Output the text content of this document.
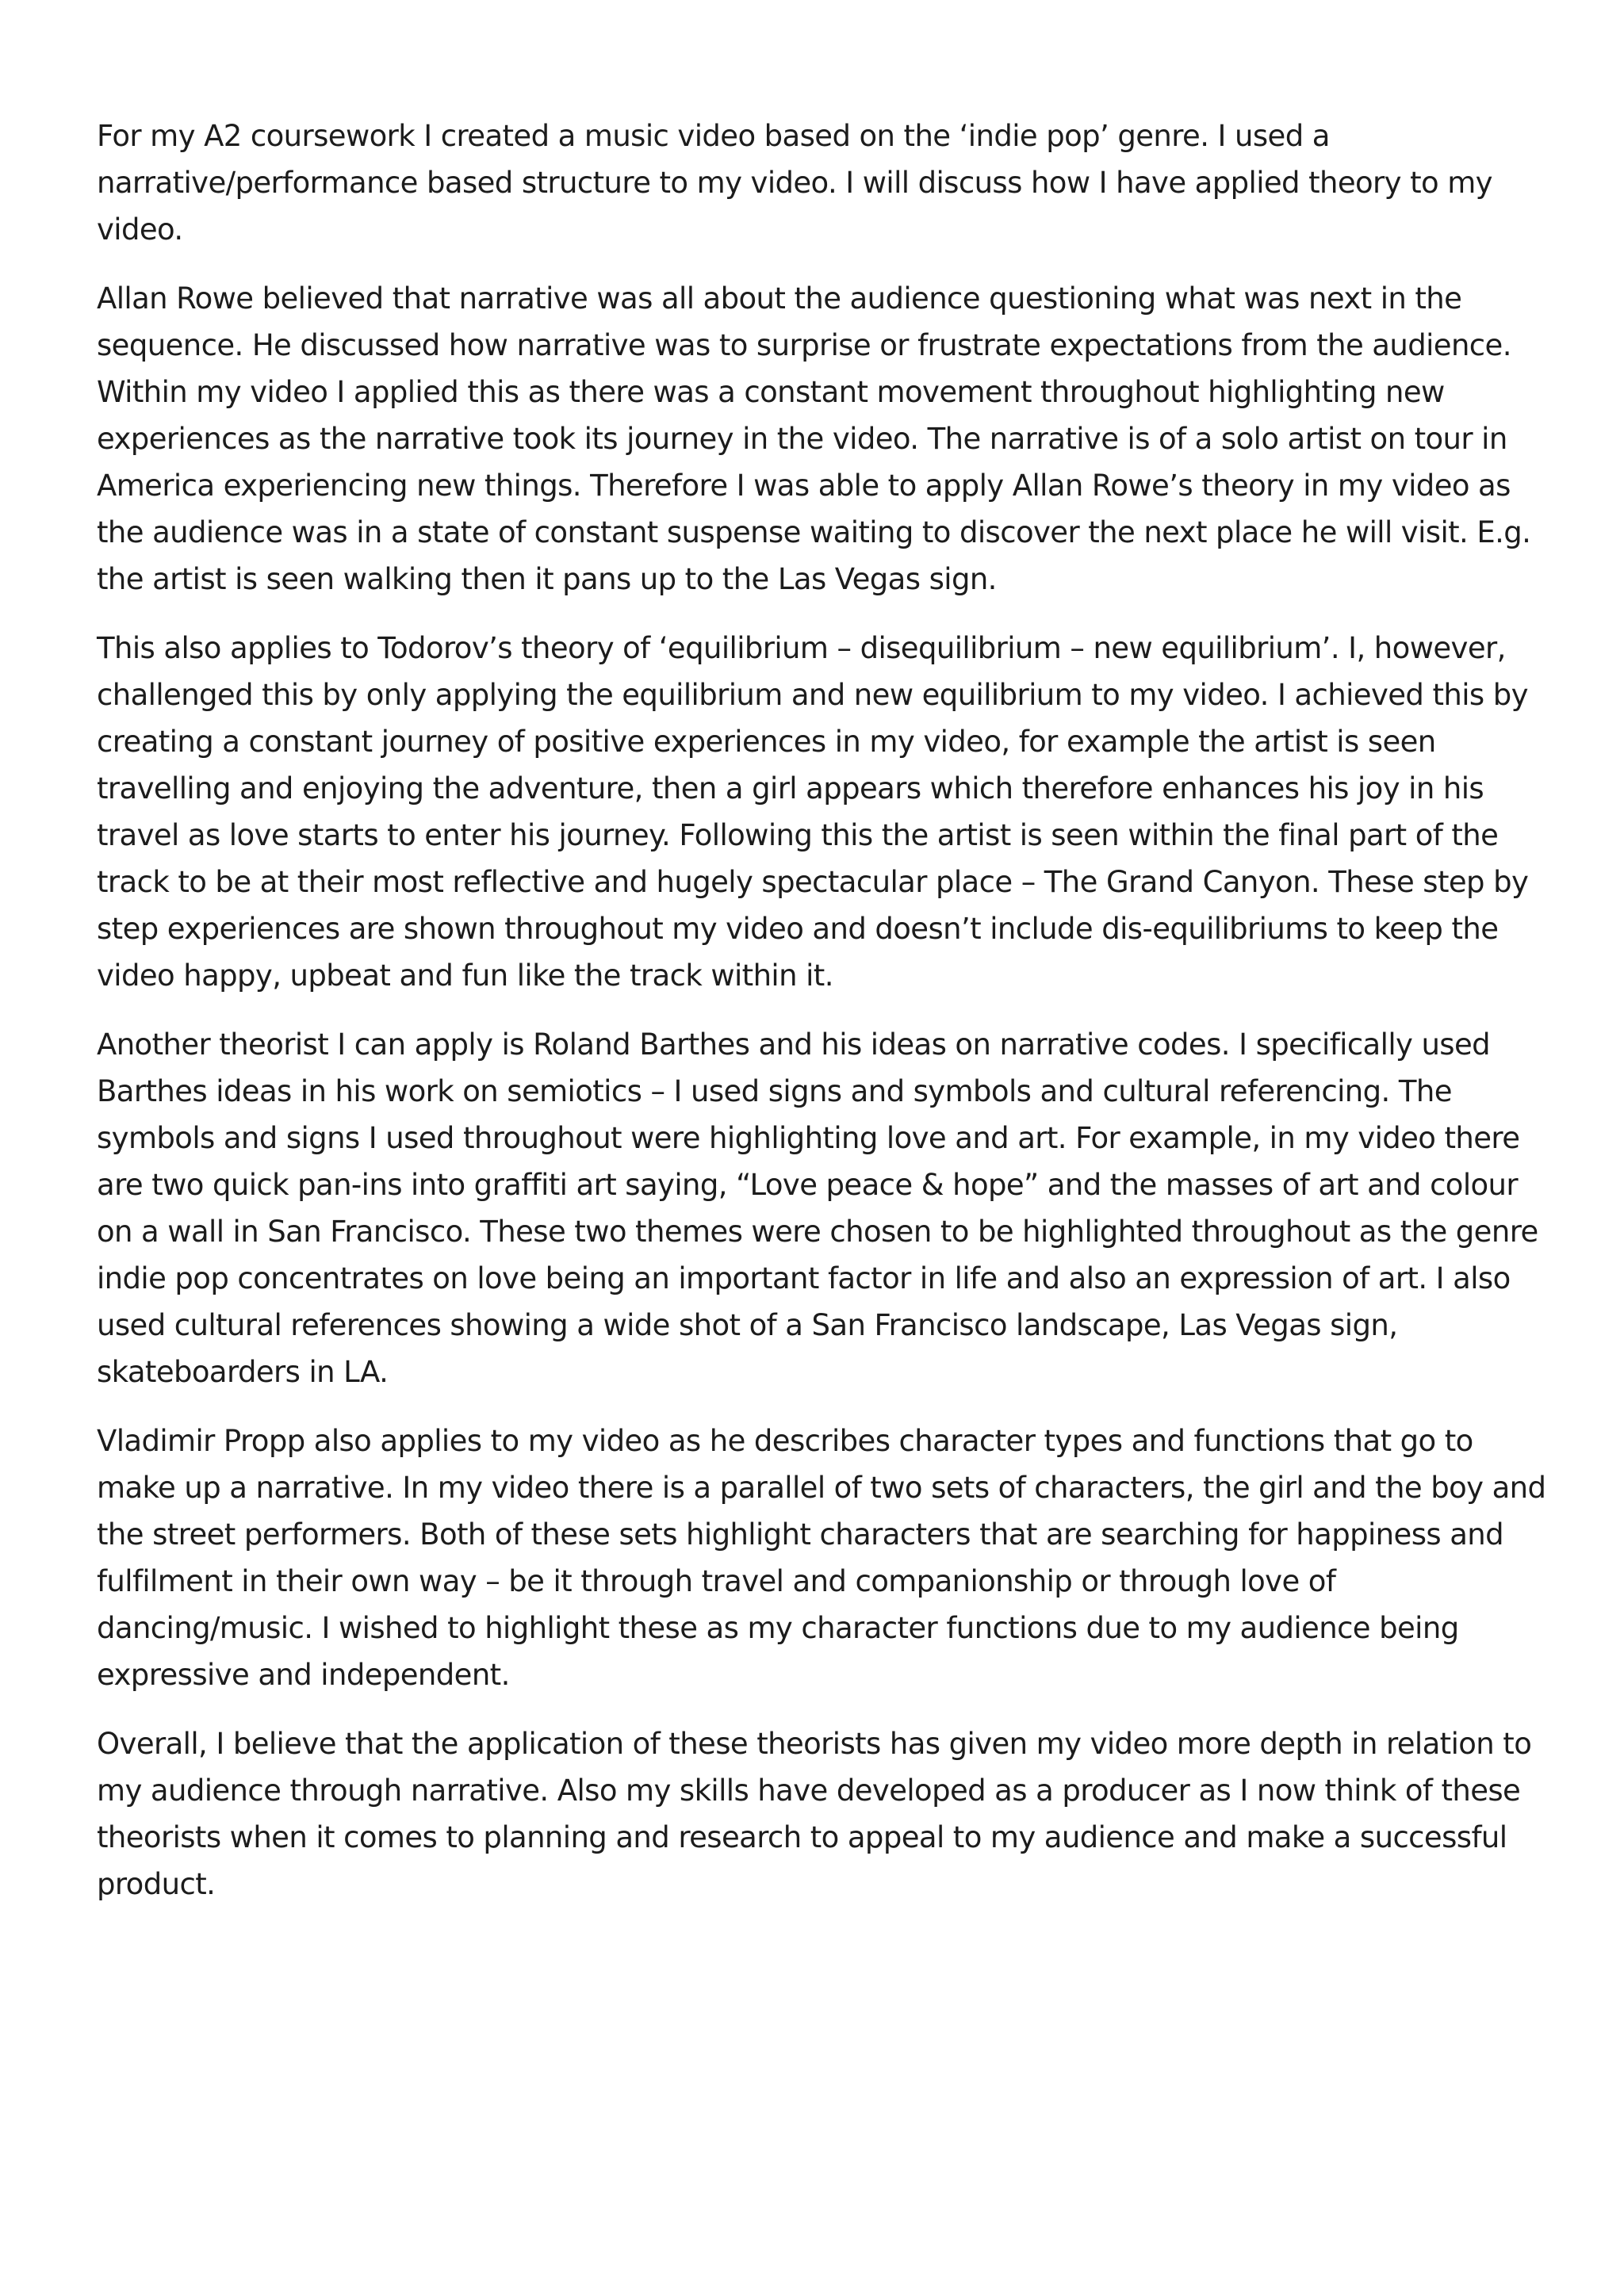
For my A2 coursework I created a music video based on the ‘indie pop’ genre. I used a narrative/performance based structure to my video. I will discuss how I have applied theory to my video.

Allan Rowe believed that narrative was all about the audience questioning what was next in the sequence. He discussed how narrative was to surprise or frustrate expectations from the audience. Within my video I applied this as there was a constant movement throughout highlighting new experiences as the narrative took its journey in the video. The narrative is of a solo artist on tour in America experiencing new things. Therefore I was able to apply Allan Rowe’s theory in my video as the audience was in a state of constant suspense waiting to discover the next place he will visit. E.g. the artist is seen walking then it pans up to the Las Vegas sign.

This also applies to Todorov’s theory of ‘equilibrium – disequilibrium – new equilibrium’. I, however, challenged this by only applying the equilibrium and new equilibrium to my video. I achieved this by creating a constant journey of positive experiences in my video, for example the artist is seen travelling and enjoying the adventure, then a girl appears which therefore enhances his joy in his travel as love starts to enter his journey. Following this the artist is seen within the final part of the track to be at their most reflective and hugely spectacular place – The Grand Canyon. These step by step experiences are shown throughout my video and doesn’t include dis-equilibriums to keep the video happy, upbeat and fun like the track within it.

Another theorist I can apply is Roland Barthes and his ideas on narrative codes. I specifically used Barthes ideas in his work on semiotics – I used signs and symbols and cultural referencing. The symbols and signs I used throughout were highlighting love and art. For example, in my video there are two quick pan-ins into graffiti art saying, “Love peace & hope” and the masses of art and colour on a wall in San Francisco. These two themes were chosen to be highlighted throughout as the genre indie pop concentrates on love being an important factor in life and also an expression of art. I also used cultural references showing a wide shot of a San Francisco landscape, Las Vegas sign, skateboarders in LA.

Vladimir Propp also applies to my video as he describes character types and functions that go to make up a narrative. In my video there is a parallel of two sets of characters, the girl and the boy and the street performers. Both of these sets highlight characters that are searching for happiness and fulfilment in their own way – be it through travel and companionship or through love of dancing/music. I wished to highlight these as my character functions due to my audience being expressive and independent.

Overall, I believe that the application of these theorists has given my video more depth in relation to my audience through narrative. Also my skills have developed as a producer as I now think of these theorists when it comes to planning and research to appeal to my audience and make a successful product.
